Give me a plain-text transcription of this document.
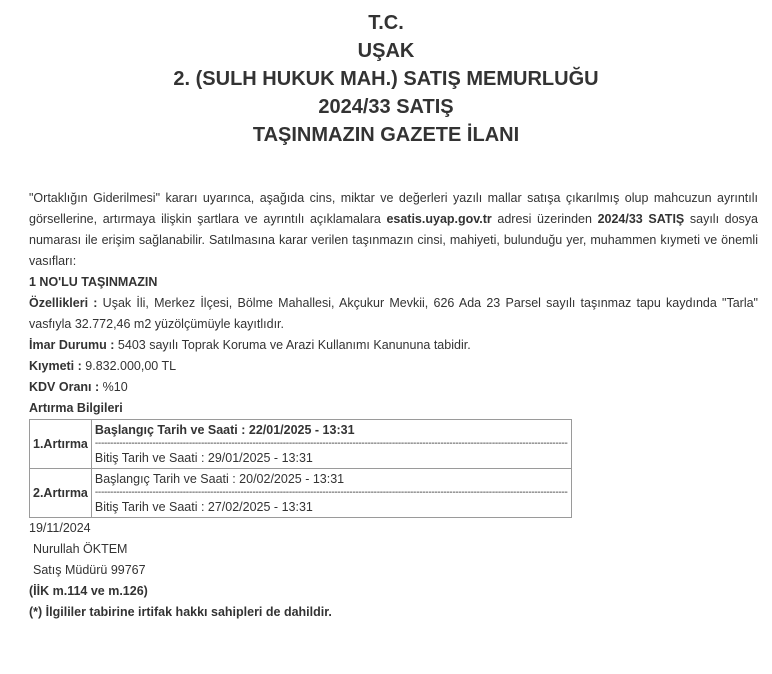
T.C.
UŞAK
2. (SULH HUKUK MAH.) SATIŞ MEMURLUĞU
2024/33 SATIŞ
TAŞINMAZIN GAZETE İLANI
"Ortaklığın Giderilmesi" kararı uyarınca, aşağıda cins, miktar ve değerleri yazılı mallar satışa çıkarılmış olup mahcuzun ayrıntılı görsellerine, artırmaya ilişkin şartlara ve ayrıntılı açıklamalara esatis.uyap.gov.tr adresi üzerinden 2024/33 SATIŞ sayılı dosya numarası ile erişim sağlanabilir. Satılmasına karar verilen taşınmazın cinsi, mahiyeti, bulunduğu yer, muhammen kıymeti ve önemli vasıfları:
1 NO'LU TAŞINMAZIN
Özellikleri : Uşak İli, Merkez İlçesi, Bölme Mahallesi, Akçukur Mevkii, 626 Ada 23 Parsel sayılı taşınmaz tapu kaydında "Tarla" vasfıyla 32.772,46 m2 yüzölçümüyle kayıtlıdır.
İmar Durumu : 5403 sayılı Toprak Koruma ve Arazi Kullanımı Kanununa tabidir.
Kıymeti : 9.832.000,00 TL
KDV Oranı : %10
Artırma Bilgileri
1.Artırma	Başlangıç Tarih ve Saati : 22/01/2025 - 13:31
------------------------------------------------------------------------------------------------------------------------------------------------------------
Bitiş Tarih ve Saati : 29/01/2025 - 13:31

2.Artırma	Başlangıç Tarih ve Saati : 20/02/2025 - 13:31
------------------------------------------------------------------------------------------------------------------------------------------------------------
Bitiş Tarih ve Saati : 27/02/2025 - 13:31
19/11/2024
Nurullah ÖKTEM
Satış Müdürü 99767
(İİK m.114 ve m.126)
(*) İlgililer tabirine irtifak hakkı sahipleri de dahildir.
